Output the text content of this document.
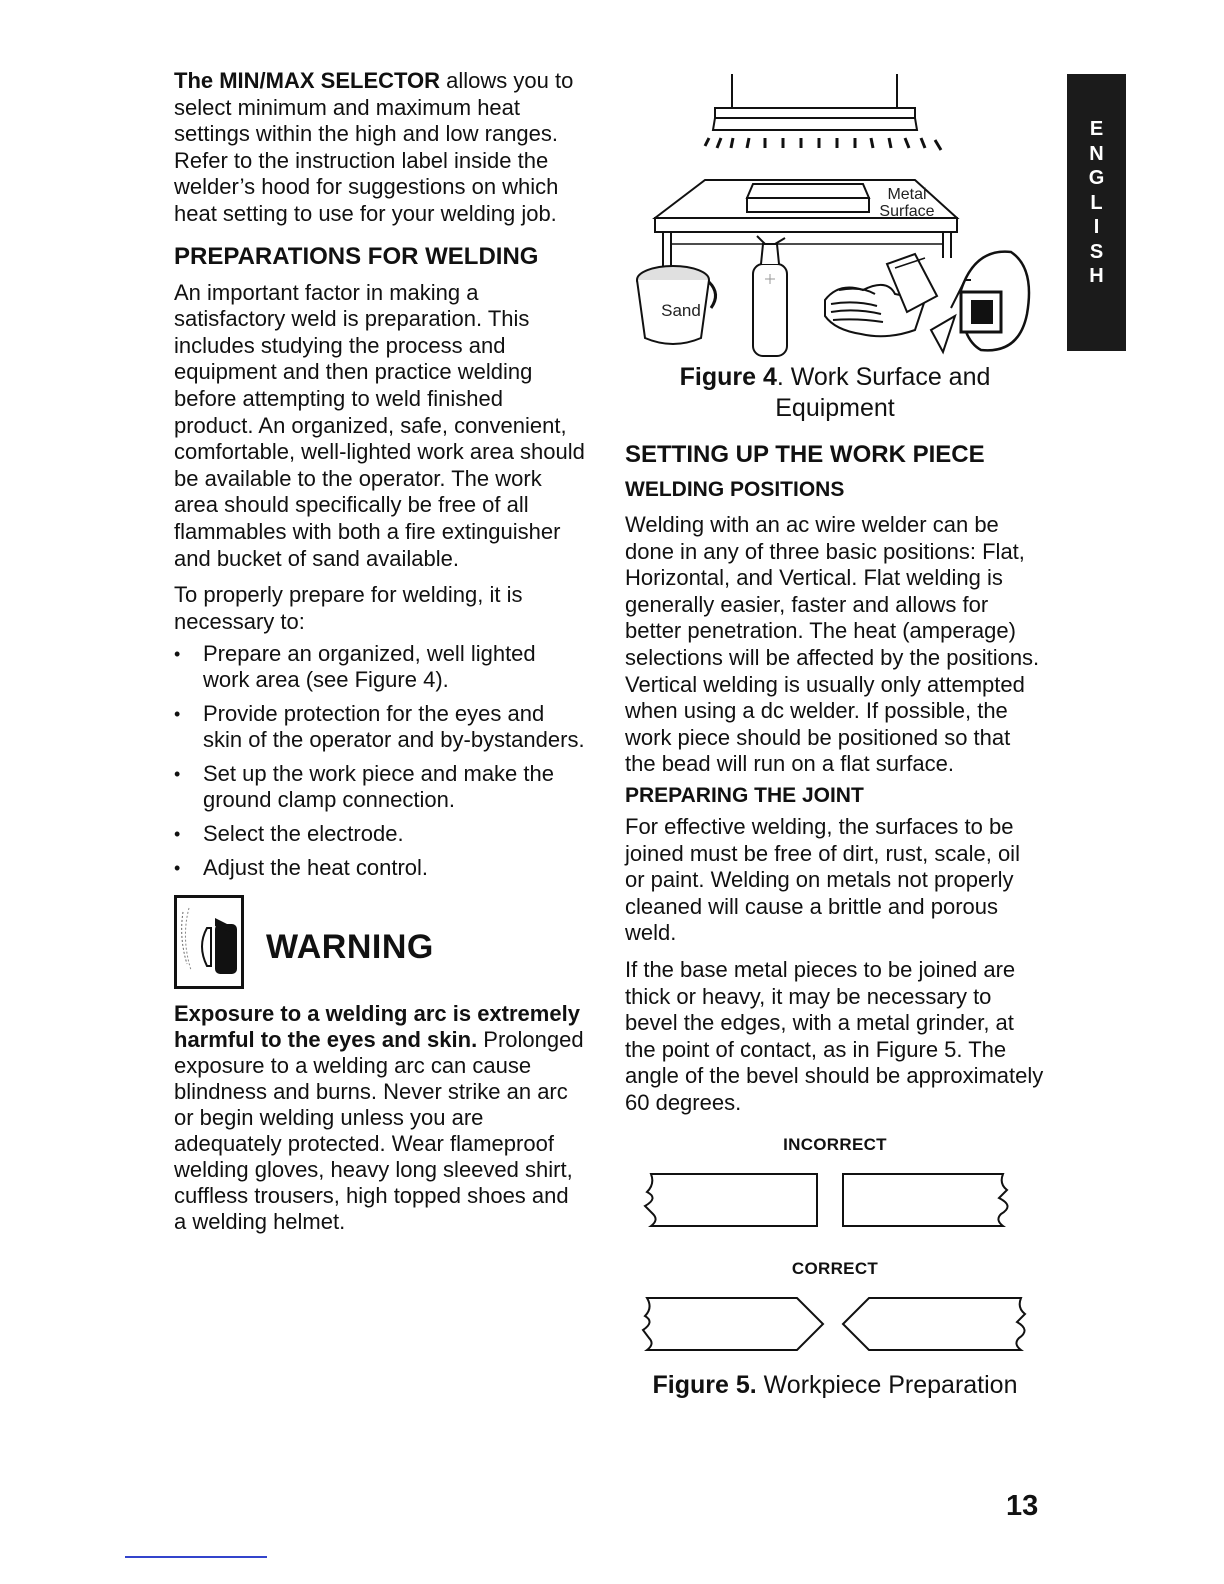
The MIN/MAX SELECTOR allows you to select minimum and maximum heat settings within the high and low ranges. Refer to the instruction label inside the welder’s hood for suggestions on which heat setting to use for your welding job.

PREPARATIONS FOR WELDING

An important factor in making a satisfactory weld is preparation. This includes studying the process and equipment and then practice welding before attempting to weld finished product. An organized, safe, convenient, comfortable, well-lighted work area should be available to the operator. The work area should specifically be free of all flammables with both a fire extinguisher and bucket of sand available.

To properly prepare for welding, it is necessary to:

• Prepare an organized, well lighted work area (see Figure 4).
• Provide protection for the eyes and skin of the operator and by-bystanders.
• Set up the work piece and make the ground clamp connection.
• Select the electrode.
• Adjust the heat control.
WARNING

Exposure to a welding arc is extremely harmful to the eyes and skin. Prolonged exposure to a welding arc can cause blindness and burns. Never strike an arc or begin welding unless you are adequately protected. Wear flameproof welding gloves, heavy long sleeved shirt, cuffless trousers, high topped shoes and a welding helmet.

Metal
Surface
Sand
Figure 4. Work Surface and Equipment
SETTING UP THE WORK PIECE
WELDING POSITIONS

Welding with an ac wire welder can be done in any of three basic positions: Flat, Horizontal, and Vertical. Flat welding is generally easier, faster and allows for better penetration. The heat (amperage) selections will be affected by the positions. Vertical welding is usually only attempted when using a dc welder. If possible, the work piece should be positioned so that the bead will run on a flat surface.

PREPARING THE JOINT

For effective welding, the surfaces to be joined must be free of dirt, rust, scale, oil or paint. Welding on metals not properly cleaned will cause a brittle and porous weld.

If the base metal pieces to be joined are thick or heavy, it may be necessary to bevel the edges, with a metal grinder, at the point of contact, as in Figure 5. The angle of the bevel should be approximately 60 degrees.

INCORRECT
CORRECT
Figure 5. Workpiece Preparation
E
N
G
L
I
S
H
13
